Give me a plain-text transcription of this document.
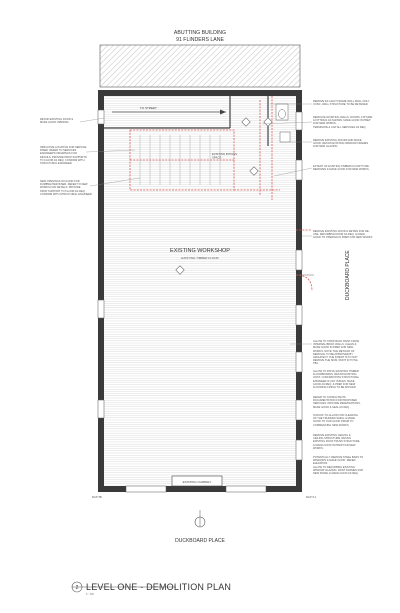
ABUTTING BUILDING
91 FLINDERS LANE
EXISTING CHIMNEY
TO STREET
EXISTING BYPASS SPACE
EXISTING WORKSHOP
EXISTING TIMBER FLOOR
RL/P 5B	RL/P 5.2
2
RETAIN EXISTING DOOR &
MAKE GOOD OPENING
INDICATIVE LOCATION FOR SERVICE
RISER. REFER TO SERVICES
ENGINEER'S DRAWINGS FOR
DETAILS. PROVIDE PROP SUPPORTS
TO FLOOR AS REQ. CONFIRM WITH
STRUCTURAL ENGINEER.
NEW OPENINGS IN FLOOR FOR
DUMBWAITER RISER. REFER TO NEW
WORKS FOR DETAILS. PROVIDE
PROP SUPPORT TO FLOOR AS REQ.
CONFIRM WITH STRUCTURAL ENGINEER
REMOVE EX LIGHT FRAME WALL WALL ONLY.
CONC. WALL STRUCTURE TO BE RETAINED
DEMOLISH EXISTING WALLS, DOORS, FIXTURE
& FITTINGS AS SHOWN. MAKE GOOD IN PREP
FOR NEW WORKS.
TERMINATE & CAP ALL SERVICES AS REQ.
REMOVE EXISTING DOORS AND MAKE
GOOD. RETAIN EXISTING WINDOW FRAMES
FOR NEW GLAZING
EXTENT OF EXISTING TIMBER FLOOR TO BE
REMOVED & MAKE GOOD FOR NEW WORKS
REMOVE EXISTING DOOR & RETAIN FOR RE-
USE. REFURBISH DOOR AS REQ. & MAKE
GOOD TO OPENING IN PREP FOR NEW WORKS
ALLOW TO STRIP BACK PAINT FROM
INTERNAL BRICK WALLS, CLEAN &
MAKE GOOD IN PREP FOR NEW
WORKS. NOTE: THE METHOD OF
REMOVAL TO BE APPROVED BY
ARCHITECT. THE INTENT IS TO NOT
REMOVE THE SKIM. PAINT IN TOTAL
TBC.
ALLOW TO PATCH EXISTING TIMBER
FLOORBOARDS, RETAIN EXISTING
JOIST, CONFIRM WITH STRUCTURAL
ENGINEER IF ANY ISSUES. MAKE
GOOD AS REQ. & PREP FOR NEW
FLOORING FINISH TO BE APPLIED
REFER TO CONSULTANTS
DOCUMENTATION FOR PROPOSED
SERVICES. PROVIDE PENETRATIONS,
MAKE GOOD & SEAL AS REQ.
IN ROOF TO ALLOW FOR CLEANING
OF THE TRUNKED SHELL & MAKE
GOOD TO OUR GOOD PRIOR TO
COMMENCING NEW WORKS.
REMOVE EXISTING CEILING &
CEILING STRUCTURE, RETAIN
EXISTING ROOF TRUSS STRUCTURE
& MAKE GOOD IN PREP FOR NEW
WORKS.
POTENTIALLY REMOVE STEEL BARS TO
WINDOWS & MAKE GOOD. REFER
ELEVATION.
ALLOW TO REFURBISH EXISTING
WINDOW GLAZING, PAINT FRAMES FOR
NEW FINISH & MAKE GOOD AS REQ.
DUCKBOARD PLACE
DUCKBOARD PLACE
LEVEL ONE - DEMOLITION PLAN
1 : 50
